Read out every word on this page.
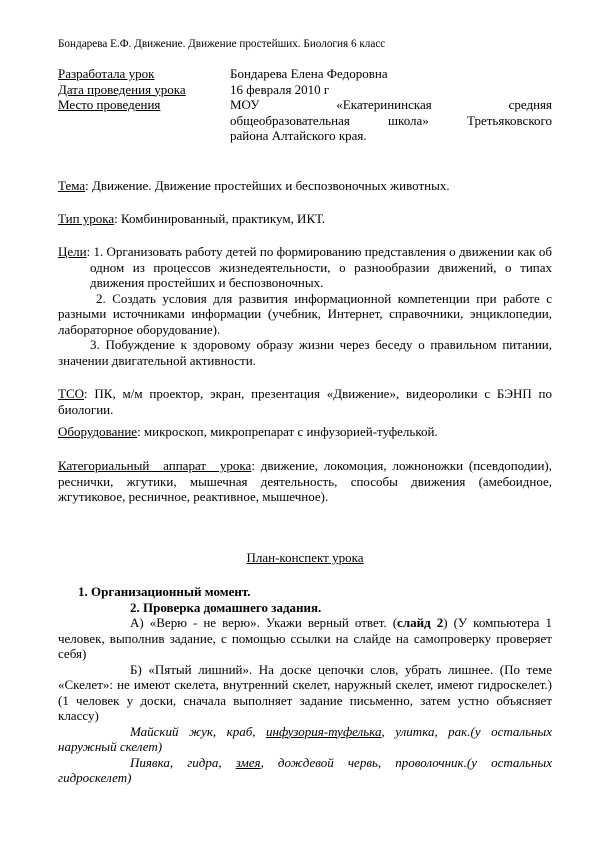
Бондарева Е.Ф. Движение. Движение простейших. Биология 6 класс
Разработала урок	Бондарева Елена Федоровна
Дата проведения урока	16 февраля 2010 г
Место проведения	МОУ «Екатерининская средняя
общеобразовательная школа» Третьяковского
района Алтайского края.
Тема: Движение. Движение простейших и беспозвоночных животных.
Тип урока: Комбинированный, практикум, ИКТ.
Цели: 1. Организовать работу детей по формированию представления о движении как об одном из процессов жизнедеятельности, о разнообразии движений, о типах движения простейших и беспозвоночных.
2. Создать условия для развития информационной компетенции при работе с разными источниками информации (учебник, Интернет, справочники, энциклопедии, лабораторное оборудование).
3. Побуждение к здоровому образу жизни через беседу о правильном питании, значении двигательной активности.
ТСО: ПК, м/м проектор, экран, презентация «Движение», видеоролики с БЭНП по биологии.
Оборудование: микроскоп, микропрепарат с инфузорией-туфелькой.
Категориальный аппарат урока: движение, локомоция, ложноножки (псевдоподии), реснички, жгутики, мышечная деятельность, способы движения (амебоидное, жгутиковое, ресничное, реактивное, мышечное).
План-конспект урока
1. Организационный момент.
2. Проверка домашнего задания.
А) «Верю - не верю». Укажи верный ответ. (слайд 2) (У компьютера 1 человек, выполнив задание, с помощью ссылки на слайде на самопроверку проверяет себя)
Б) «Пятый лишний». На доске цепочки слов, убрать лишнее. (По теме «Скелет»: не имеют скелета, внутренний скелет, наружный скелет, имеют гидроскелет.) (1 человек у доски, сначала выполняет задание письменно, затем устно объясняет классу)
Майский жук, краб, инфузория-туфелька, улитка, рак.(у остальных наружный скелет)
Пиявка, гидра, змея, дождевой червь, проволочник.(у остальных гидроскелет)
